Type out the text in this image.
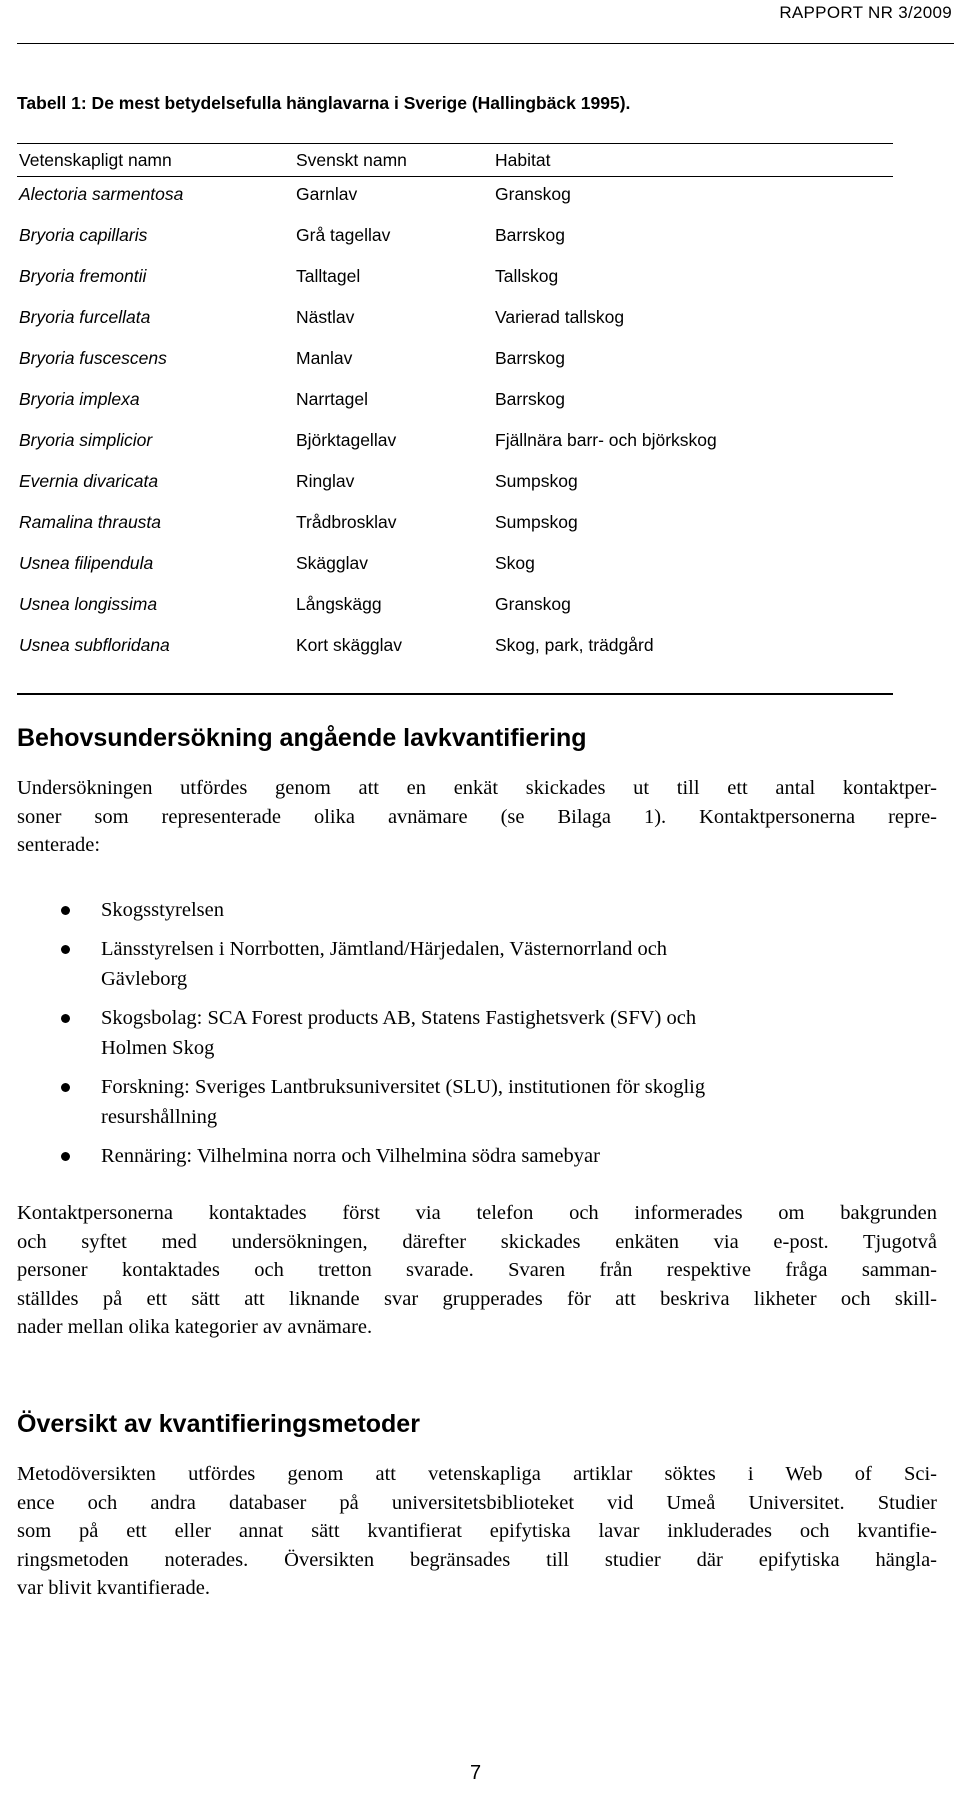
RAPPORT NR 3/2009
Tabell 1: De mest betydelsefulla hänglavarna i Sverige (Hallingbäck 1995).
Vetenskapligt namn	Svenskt namn	Habitat
Alectoria sarmentosa	Garnlav	Granskog
Bryoria capillaris	Grå tagellav	Barrskog
Bryoria fremontii	Talltagel	Tallskog
Bryoria furcellata	Nästlav	Varierad tallskog
Bryoria fuscescens	Manlav	Barrskog
Bryoria implexa	Narrtagel	Barrskog
Bryoria simplicior	Björktagellav	Fjällnära barr- och björkskog
Evernia divaricata	Ringlav	Sumpskog
Ramalina thrausta	Trådbrosklav	Sumpskog
Usnea filipendula	Skägglav	Skog
Usnea longissima	Långskägg	Granskog
Usnea subfloridana	Kort skägglav	Skog, park, trädgård
Behovsundersökning angående lavkvantifiering
Undersökningen utfördes genom att en enkät skickades ut till ett antal kontaktper-
soner som representerade olika avnämare (se Bilaga 1). Kontaktpersonerna repre-
senterade:
Skogsstyrelsen
Länsstyrelsen i Norrbotten, Jämtland/Härjedalen, Västernorrland och
Gävleborg
Skogsbolag: SCA Forest products AB, Statens Fastighetsverk (SFV) och
Holmen Skog
Forskning: Sveriges Lantbruksuniversitet (SLU), institutionen för skoglig
resurshållning
Rennäring: Vilhelmina norra och Vilhelmina södra samebyar
Kontaktpersonerna kontaktades först via telefon och informerades om bakgrunden
och syftet med undersökningen, därefter skickades enkäten via e-post. Tjugotvå
personer kontaktades och tretton svarade. Svaren från respektive fråga samman-
ställdes på ett sätt att liknande svar grupperades för att beskriva likheter och skill-
nader mellan olika kategorier av avnämare.
Översikt av kvantifieringsmetoder
Metodöversikten utfördes genom att vetenskapliga artiklar söktes i Web of Sci-
ence och andra databaser på universitetsbiblioteket vid Umeå Universitet. Studier
som på ett eller annat sätt kvantifierat epifytiska lavar inkluderades och kvantifie-
ringsmetoden noterades. Översikten begränsades till studier där epifytiska hängla-
var blivit kvantifierade.
7
